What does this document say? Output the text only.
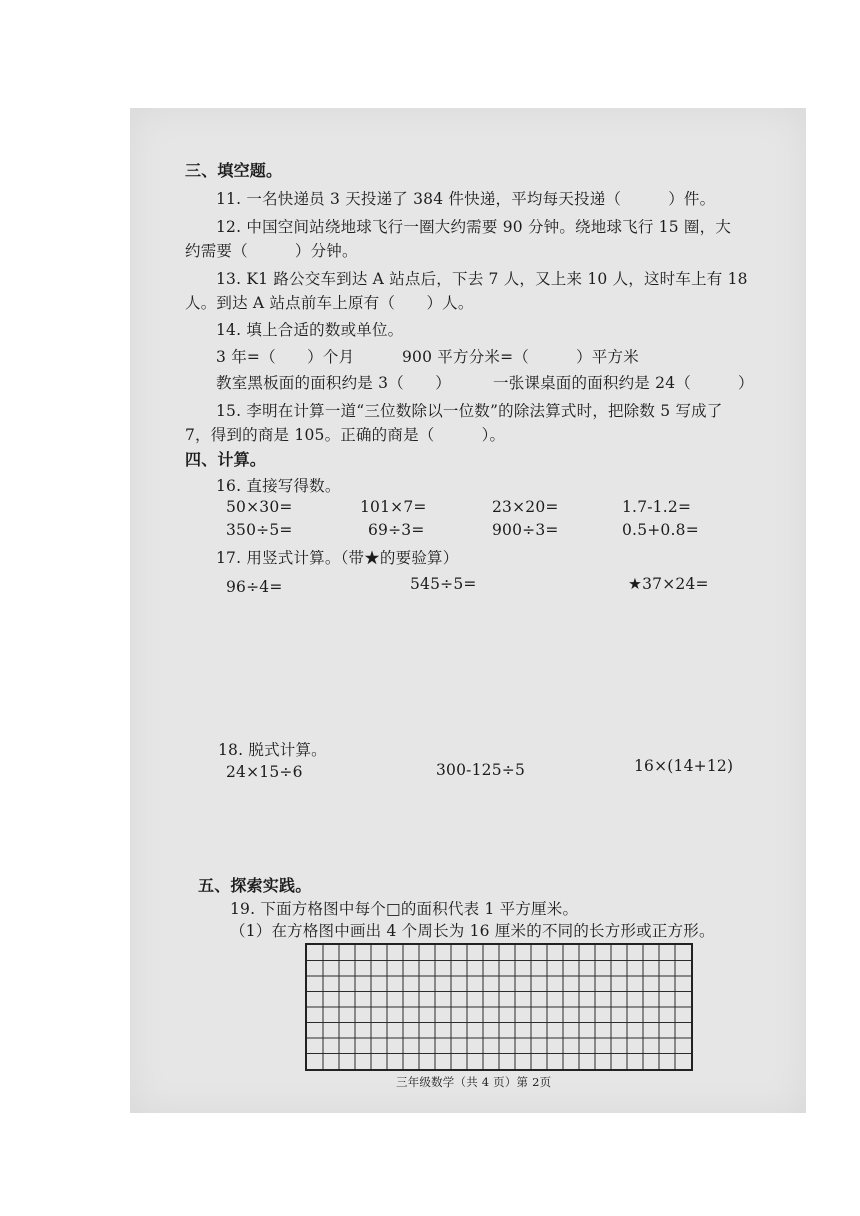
三、填空题。
11. 一名快递员 3 天投递了 384 件快递，平均每天投递（　　　）件。
12. 中国空间站绕地球飞行一圈大约需要 90 分钟。绕地球飞行 15 圈，大
约需要（　　　）分钟。
13. K1 路公交车到达 A 站点后，下去 7 人，又上来 10 人，这时车上有 18
人。到达 A 站点前车上原有（　　）人。
14. 填上合适的数或单位。
3 年=（　　）个月	900 平方分米=（　　　）平方米
教室黑板面的面积约是 3（　　）	一张课桌面的面积约是 24（　　　）
15. 李明在计算一道“三位数除以一位数”的除法算式时，把除数 5 写成了
7，得到的商是 105。正确的商是（　　　）。
四、计算。
16. 直接写得数。
50×30=	101×7=	23×20=	1.7-1.2=
350÷5=	69÷3=	900÷3=	0.5+0.8=
17. 用竖式计算。（带★的要验算）
96÷4=	545÷5=	★37×24=
18. 脱式计算。
24×15÷6	300-125÷5	16×(14+12)
五、探索实践。
19. 下面方格图中每个□的面积代表 1 平方厘米。
（1）在方格图中画出 4 个周长为 16 厘米的不同的长方形或正方形。
三年级数学（共 4 页）第 2页
